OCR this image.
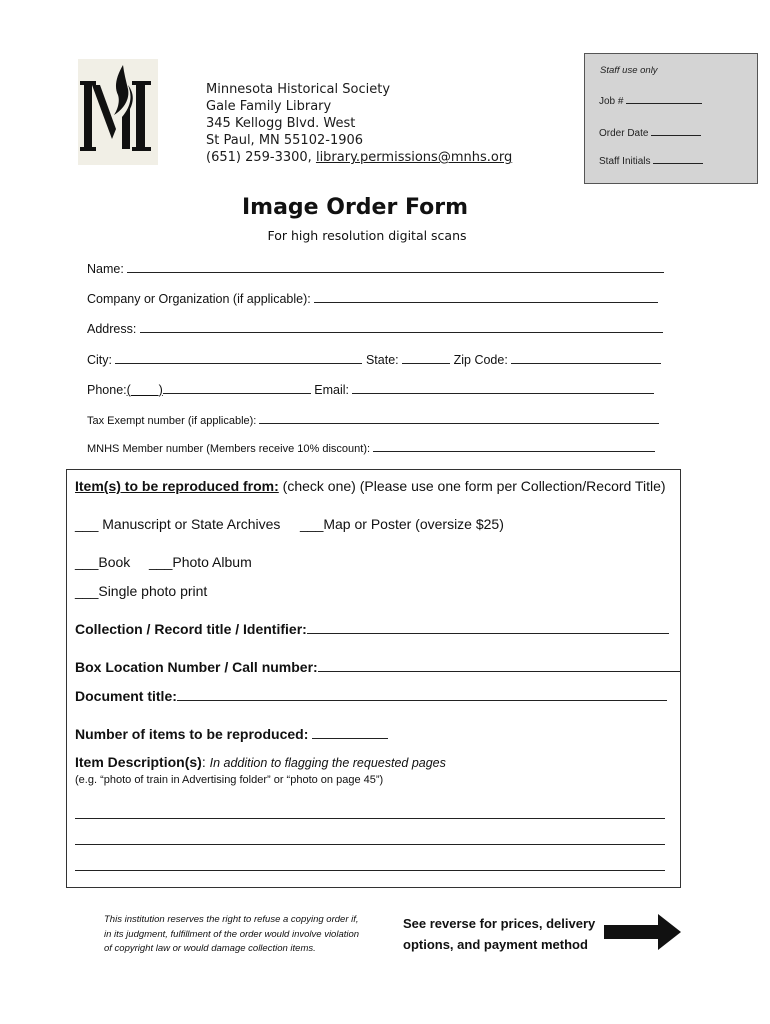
Minnesota Historical Society
Gale Family Library
345 Kellogg Blvd. West
St Paul, MN 55102-1906
(651) 259-3300, library.permissions@mnhs.org
Staff use only
Job #
Order Date
Staff Initials
Image Order Form
For high resolution digital scans
Name:
Company or Organization (if applicable):
Address:
City:	State:	Zip Code:
Phone:( )	Email:
Tax Exempt number (if applicable):
MNHS Member number (Members receive 10% discount):
Item(s) to be reproduced from: (check one) (Please use one form per Collection/Record Title)
___ Manuscript or State Archives ___Map or Poster (oversize $25)
___Book ___Photo Album
___Single photo print
Collection / Record title / Identifier:
Box Location Number / Call number:
Document title:
Number of items to be reproduced:
Item Description(s): In addition to flagging the requested pages
(e.g. “photo of train in Advertising folder” or “photo on page 45”)
This institution reserves the right to refuse a copying order if, in its judgment, fulfillment of the order would involve violation of copyright law or would damage collection items.
See reverse for prices, delivery
options, and payment method
